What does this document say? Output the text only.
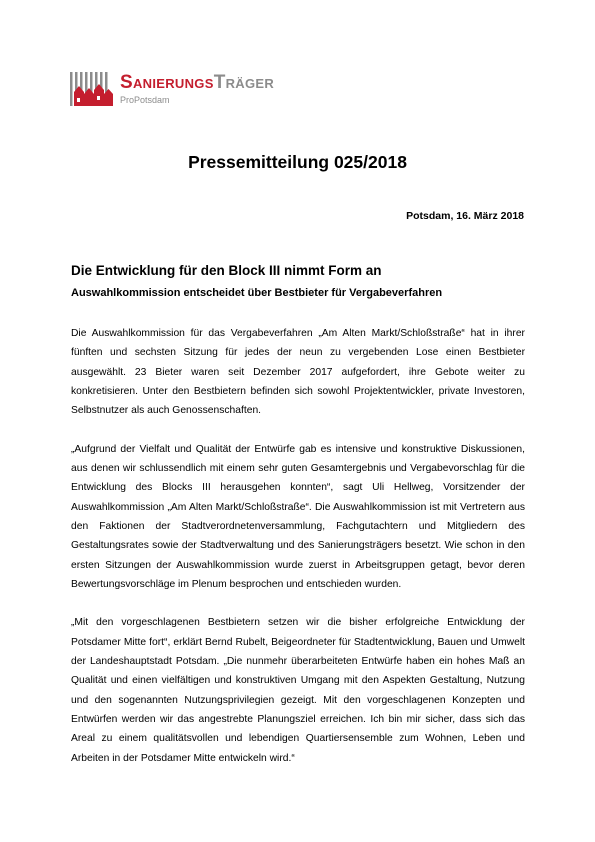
SanierungsTräger
ProPotsdam
Pressemitteilung 025/2018
Potsdam, 16. März 2018
Die Entwicklung für den Block III nimmt Form an
Auswahlkommission entscheidet über Bestbieter für Vergabeverfahren

Die Auswahlkommission für das Vergabeverfahren „Am Alten Markt/Schloßstraße“ hat in ihrer fünften und sechsten Sitzung für jedes der neun zu vergebenden Lose einen Bestbieter ausgewählt. 23 Bieter waren seit Dezember 2017 aufgefordert, ihre Gebote weiter zu konkretisieren. Unter den Bestbietern befinden sich sowohl Projektentwickler, private Investoren, Selbstnutzer als auch Genossenschaften.

„Aufgrund der Vielfalt und Qualität der Entwürfe gab es intensive und konstruktive Diskussionen, aus denen wir schlussendlich mit einem sehr guten Gesamtergebnis und Vergabevorschlag für die Entwicklung des Blocks III herausgehen konnten“, sagt Uli Hellweg, Vorsitzender der Auswahlkommission „Am Alten Markt/Schloßstraße“. Die Auswahlkommission ist mit Vertretern aus den Faktionen der Stadtverordnetenversammlung, Fachgutachtern und Mitgliedern des Gestaltungsrates sowie der Stadtverwaltung und des Sanierungsträgers besetzt. Wie schon in den ersten Sitzungen der Auswahlkommission wurde zuerst in Arbeitsgruppen getagt, bevor deren Bewertungsvorschläge im Plenum besprochen und entschieden wurden.

„Mit den vorgeschlagenen Bestbietern setzen wir die bisher erfolgreiche Entwicklung der Potsdamer Mitte fort“, erklärt Bernd Rubelt, Beigeordneter für Stadtentwicklung, Bauen und Umwelt der Landeshauptstadt Potsdam. „Die nunmehr überarbeiteten Entwürfe haben ein hohes Maß an Qualität und einen vielfältigen und konstruktiven Umgang mit den Aspekten Gestaltung, Nutzung und den sogenannten Nutzungsprivilegien gezeigt. Mit den vorgeschlagenen Konzepten und Entwürfen werden wir das angestrebte Planungsziel erreichen. Ich bin mir sicher, dass sich das Areal zu einem qualitätsvollen und lebendigen Quartiersensemble zum Wohnen, Leben und Arbeiten in der Potsdamer Mitte entwickeln wird.“
